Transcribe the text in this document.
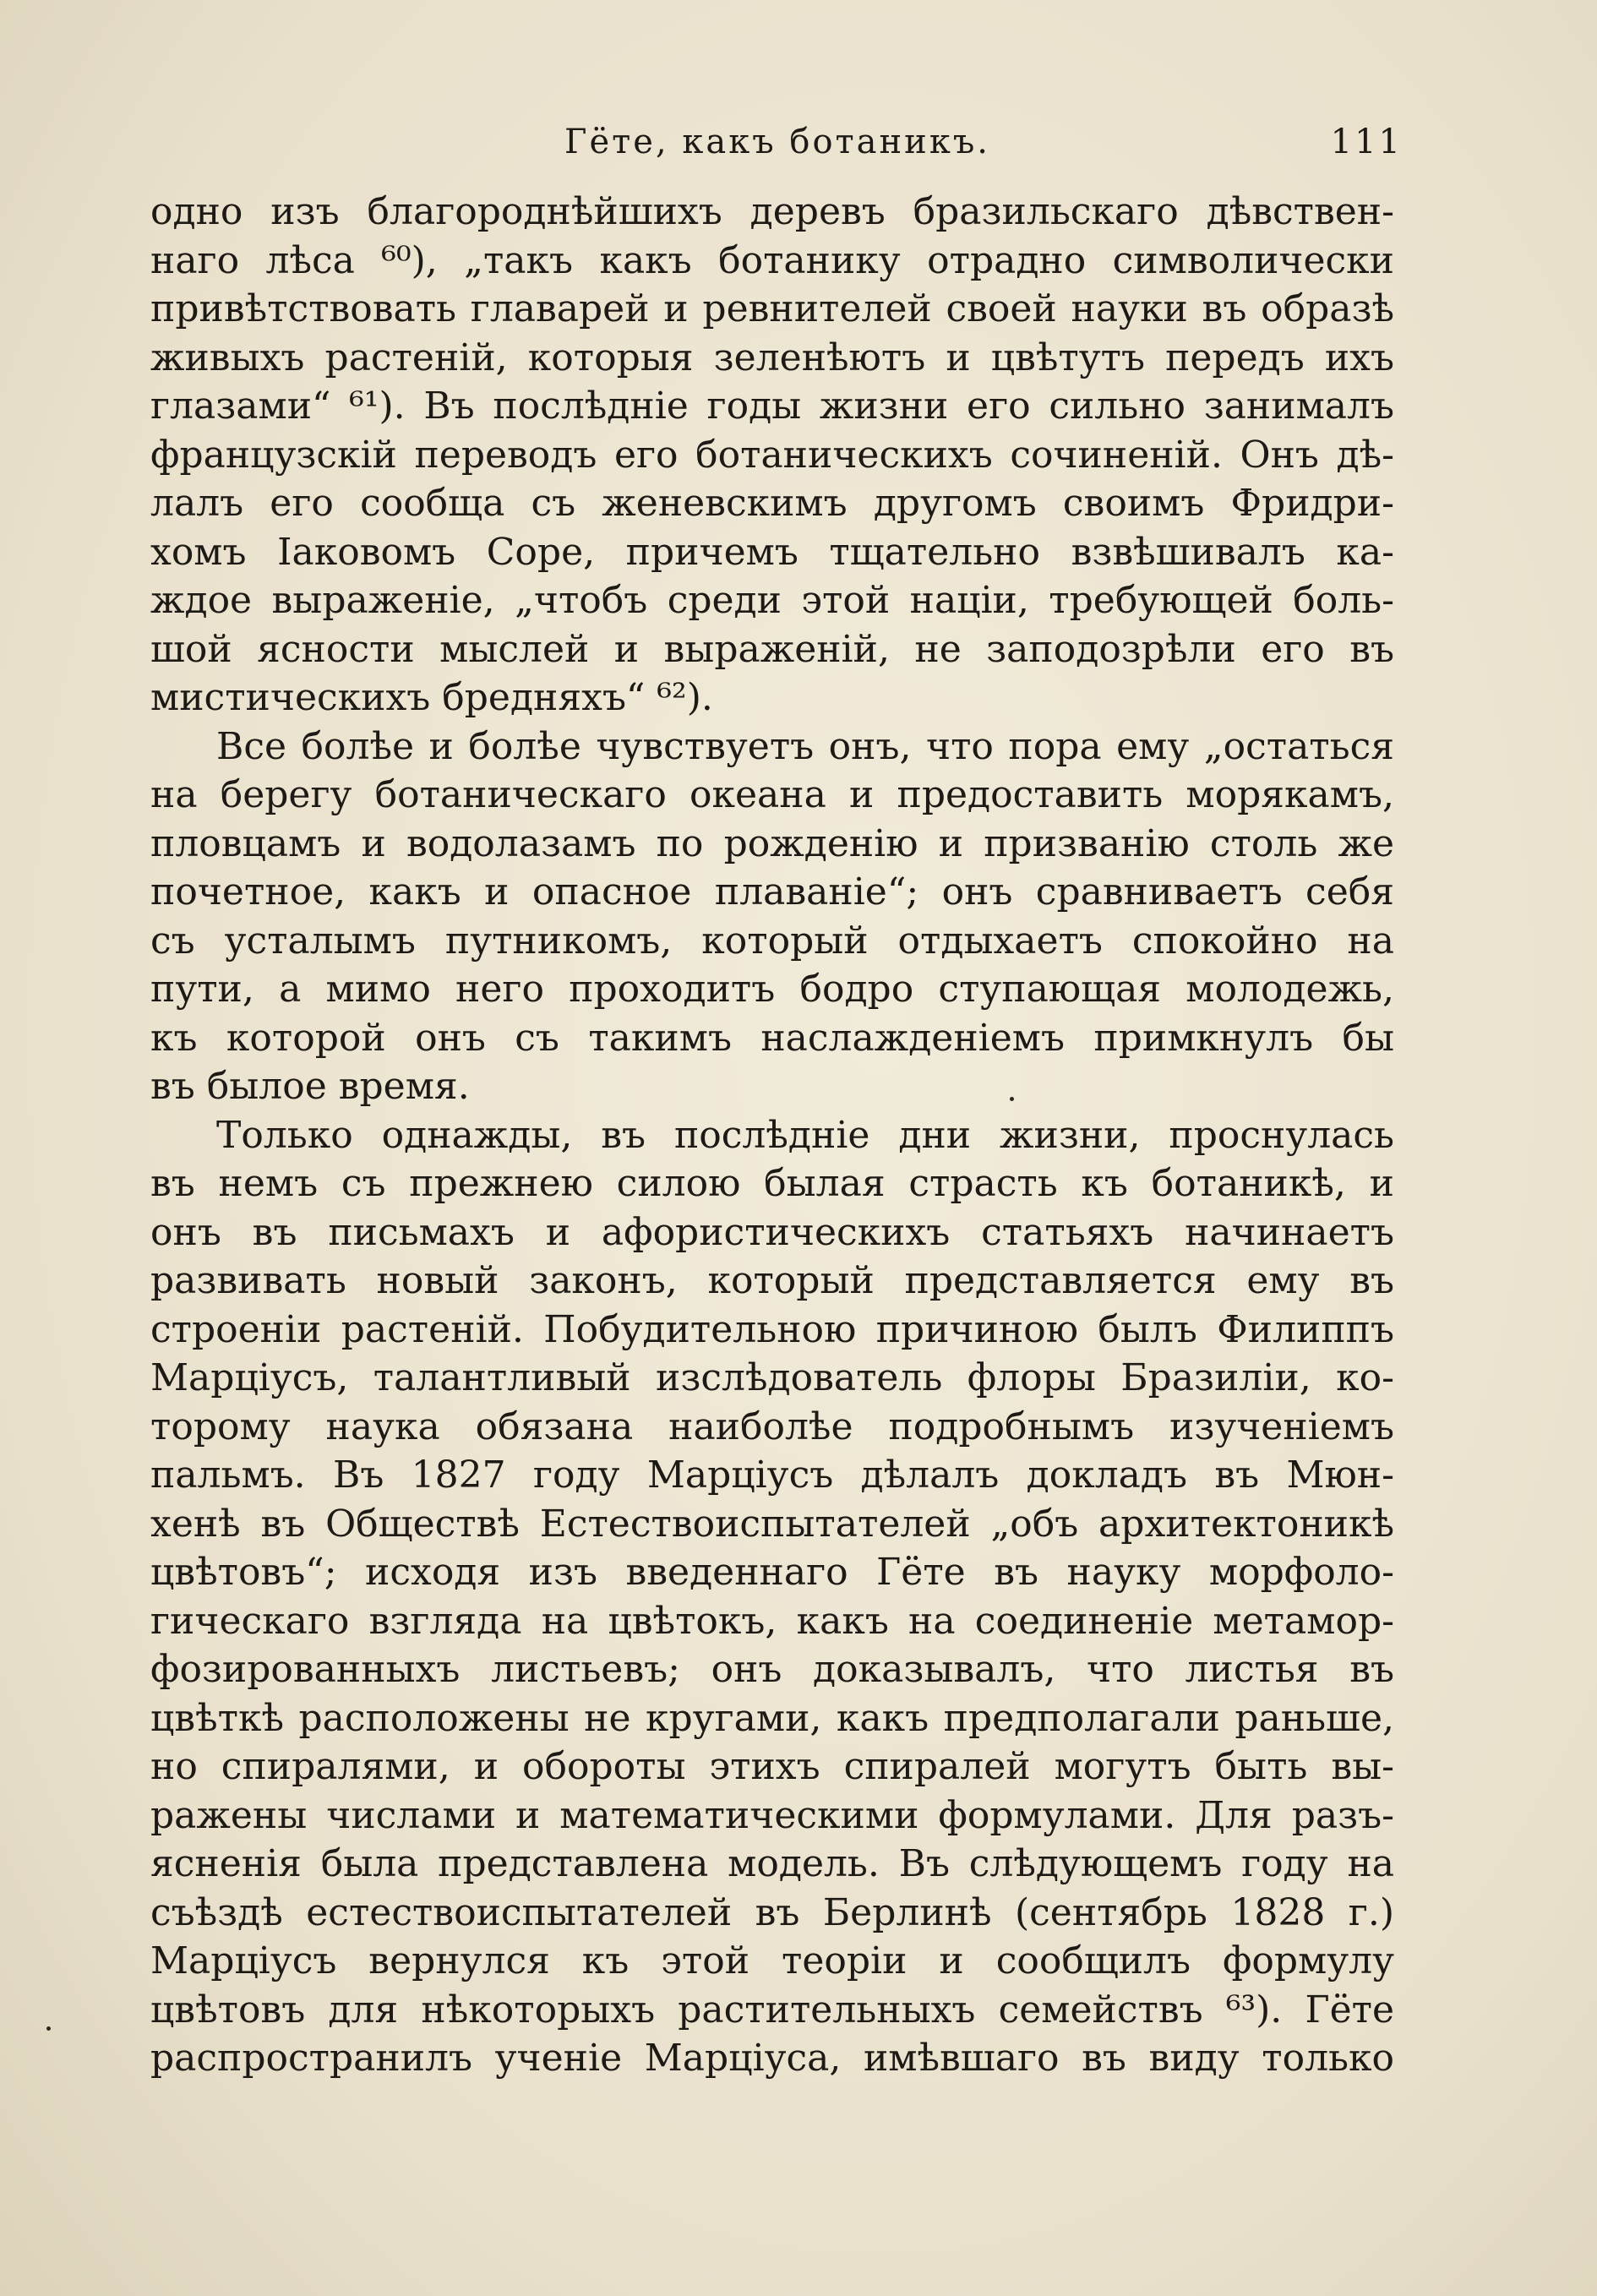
Гёте, какъ ботаникъ.	111
одно изъ благороднѣйшихъ деревъ бразильскаго дѣвствен-
наго лѣса ⁶⁰), „такъ какъ ботанику отрадно символически
привѣтствовать главарей и ревнителей своей науки въ образѣ
живыхъ растеній, которыя зеленѣютъ и цвѣтутъ передъ ихъ
глазами“ ⁶¹). Въ послѣдніе годы жизни его сильно занималъ
французскій переводъ его ботаническихъ сочиненій. Онъ дѣ-
лалъ его сообща съ женевскимъ другомъ своимъ Фридри-
хомъ Іаковомъ Соре, причемъ тщательно взвѣшивалъ ка-
ждое выраженіе, „чтобъ среди этой націи, требующей боль-
шой ясности мыслей и выраженій, не заподозрѣли его въ
мистическихъ бредняхъ“ ⁶²).
Все болѣе и болѣе чувствуетъ онъ, что пора ему „остаться
на берегу ботаническаго океана и предоставить морякамъ,
пловцамъ и водолазамъ по рожденію и призванію столь же
почетное, какъ и опасное плаваніе“; онъ сравниваетъ себя
съ усталымъ путникомъ, который отдыхаетъ спокойно на
пути, а мимо него проходитъ бодро ступающая молодежь,
къ которой онъ съ такимъ наслажденіемъ примкнулъ бы
въ былое время.
Только однажды, въ послѣдніе дни жизни, проснулась
въ немъ съ прежнею силою былая страсть къ ботаникѣ, и
онъ въ письмахъ и афористическихъ статьяхъ начинаетъ
развивать новый законъ, который представляется ему въ
строеніи растеній. Побудительною причиною былъ Филиппъ
Марціусъ, талантливый изслѣдователь флоры Бразиліи, ко-
торому наука обязана наиболѣе подробнымъ изученіемъ
пальмъ. Въ 1827 году Марціусъ дѣлалъ докладъ въ Мюн-
хенѣ въ Обществѣ Естествоиспытателей „объ архитектоникѣ
цвѣтовъ“; исходя изъ введеннаго Гёте въ науку морфоло-
гическаго взгляда на цвѣтокъ, какъ на соединеніе метамор-
фозированныхъ листьевъ; онъ доказывалъ, что листья въ
цвѣткѣ расположены не кругами, какъ предполагали раньше,
но спиралями, и обороты этихъ спиралей могутъ быть вы-
ражены числами и математическими формулами. Для разъ-
ясненія была представлена модель. Въ слѣдующемъ году на
съѣздѣ естествоиспытателей въ Берлинѣ (сентябрь 1828 г.)
Марціусъ вернулся къ этой теоріи и сообщилъ формулу
цвѣтовъ для нѣкоторыхъ растительныхъ семействъ ⁶³). Гёте
распространилъ ученіе Марціуса, имѣвшаго въ виду только
